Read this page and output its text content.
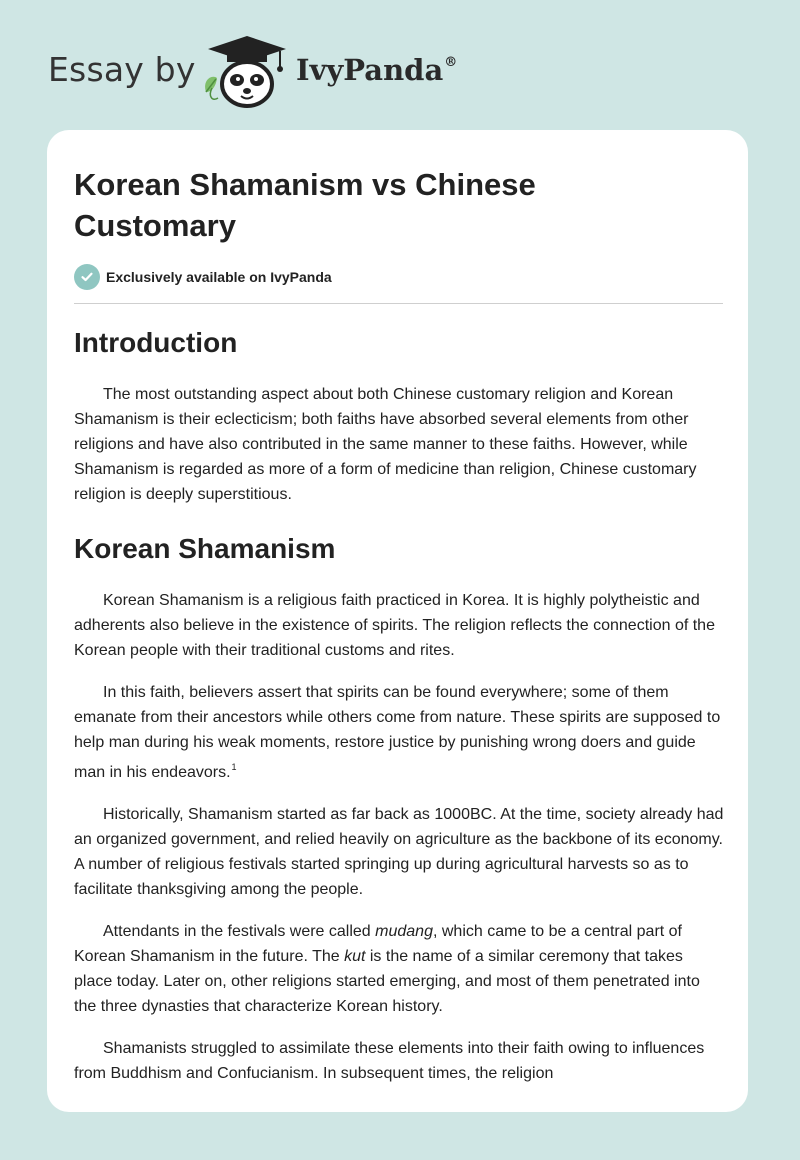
Essay by	IvyPanda®
Korean Shamanism vs Chinese Customary
Exclusively available on IvyPanda
Introduction

The most outstanding aspect about both Chinese customary religion and Korean Shamanism is their eclecticism; both faiths have absorbed several elements from other religions and have also contributed in the same manner to these faiths. However, while Shamanism is regarded as more of a form of medicine than religion, Chinese customary religion is deeply superstitious.

Korean Shamanism

Korean Shamanism is a religious faith practiced in Korea. It is highly polytheistic and adherents also believe in the existence of spirits. The religion reflects the connection of the Korean people with their traditional customs and rites.

In this faith, believers assert that spirits can be found everywhere; some of them emanate from their ancestors while others come from nature. These spirits are supposed to help man during his weak moments, restore justice by punishing wrong doers and guide man in his endeavors.$^1$

Historically, Shamanism started as far back as 1000BC. At the time, society already had an organized government, and relied heavily on agriculture as the backbone of its economy. A number of religious festivals started springing up during agricultural harvests so as to facilitate thanksgiving among the people.

Attendants in the festivals were called mudang, which came to be a central part of Korean Shamanism in the future. The kut is the name of a similar ceremony that takes place today. Later on, other religions started emerging, and most of them penetrated into the three dynasties that characterize Korean history.

Shamanists struggled to assimilate these elements into their faith owing to influences from Buddhism and Confucianism. In subsequent times, the religion
